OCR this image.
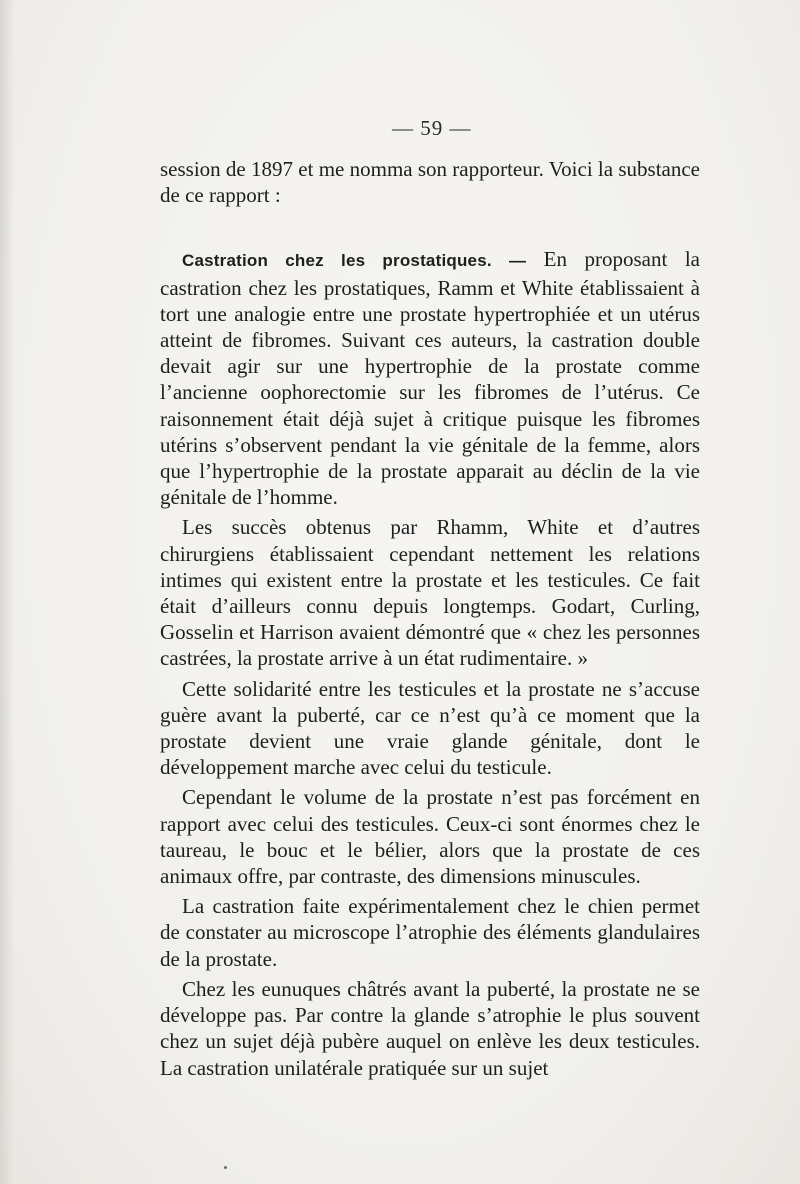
— 59 —

session de 1897 et me nomma son rapporteur. Voici la substance de ce rapport :

Castration chez les prostatiques. — En proposant la castration chez les prostatiques, Ramm et White établissaient à tort une analogie entre une prostate hypertrophiée et un utérus atteint de fibromes. Suivant ces auteurs, la castration double devait agir sur une hypertrophie de la prostate comme l’ancienne oophorectomie sur les fibromes de l’utérus. Ce raisonnement était déjà sujet à critique puisque les fibromes utérins s’observent pendant la vie génitale de la femme, alors que l’hypertrophie de la prostate apparait au déclin de la vie génitale de l’homme.

Les succès obtenus par Rhamm, White et d’autres chirurgiens établissaient cependant nettement les relations intimes qui existent entre la prostate et les testicules. Ce fait était d’ailleurs connu depuis longtemps. Godart, Curling, Gosselin et Harrison avaient démontré que « chez les personnes castrées, la prostate arrive à un état rudimentaire. »

Cette solidarité entre les testicules et la prostate ne s’accuse guère avant la puberté, car ce n’est qu’à ce moment que la prostate devient une vraie glande génitale, dont le développement marche avec celui du testicule.

Cependant le volume de la prostate n’est pas forcément en rapport avec celui des testicules. Ceux-ci sont énormes chez le taureau, le bouc et le bélier, alors que la prostate de ces animaux offre, par contraste, des dimensions minuscules.

La castration faite expérimentalement chez le chien permet de constater au microscope l’atrophie des éléments glandulaires de la prostate.

Chez les eunuques châtrés avant la puberté, la prostate ne se développe pas. Par contre la glande s’atrophie le plus souvent chez un sujet déjà pubère auquel on enlève les deux testicules. La castration unilatérale pratiquée sur un sujet
